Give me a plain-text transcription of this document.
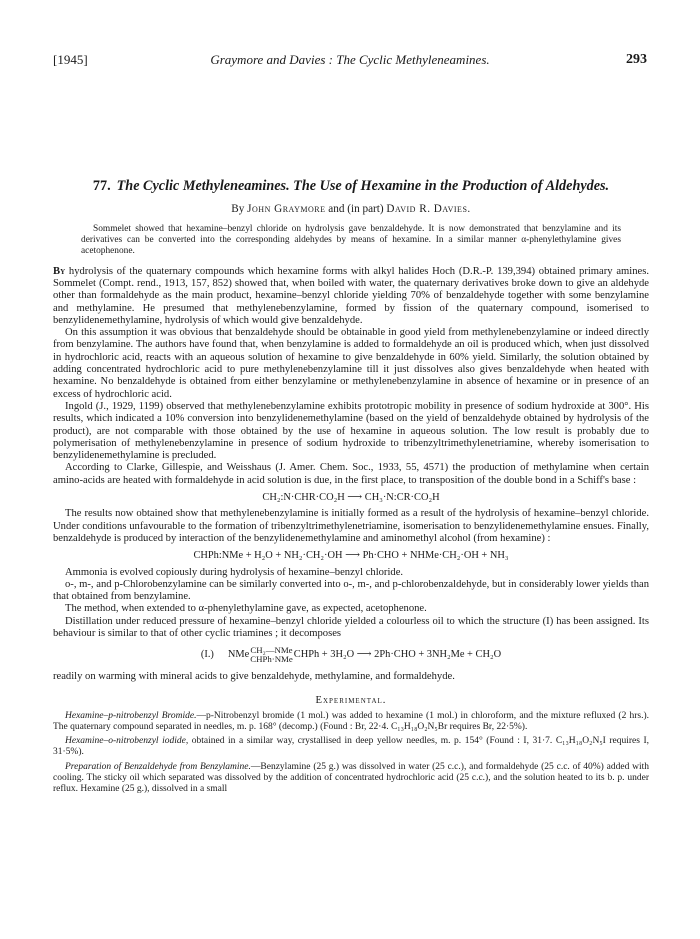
[1945]	Graymore and Davies : The Cyclic Methyleneamines.	293
77. The Cyclic Methyleneamines. The Use of Hexamine in the Production of Aldehydes.
By John Graymore and (in part) David R. Davies.
Sommelet showed that hexamine–benzyl chloride on hydrolysis gave benzaldehyde. It is now demonstrated that benzylamine and its derivatives can be converted into the corresponding aldehydes by means of hexamine. In a similar manner α-phenylethylamine gives acetophenone.
By hydrolysis of the quaternary compounds which hexamine forms with alkyl halides Hoch (D.R.-P. 139,394) obtained primary amines. Sommelet (Compt. rend., 1913, 157, 852) showed that, when boiled with water, the quaternary derivatives broke down to give an aldehyde other than formaldehyde as the main product, hexamine–benzyl chloride yielding 70% of benzaldehyde together with some benzylamine and methylamine. He presumed that methylenebenzylamine, formed by fission of the quaternary compound, isomerised to benzylidenemethylamine, hydrolysis of which would give benzaldehyde.
On this assumption it was obvious that benzaldehyde should be obtainable in good yield from methylenebenzylamine or indeed directly from benzylamine. The authors have found that, when benzylamine is added to formaldehyde an oil is produced which, when just dissolved in hydrochloric acid, reacts with an aqueous solution of hexamine to give benzaldehyde in 60% yield. Similarly, the solution obtained by adding concentrated hydrochloric acid to pure methylenebenzylamine till it just dissolves also gives benzaldehyde when heated with hexamine. No benzaldehyde is obtained from either benzylamine or methylenebenzylamine in absence of hexamine or in presence of an excess of hydrochloric acid.
Ingold (J., 1929, 1199) observed that methylenebenzylamine exhibits prototropic mobility in presence of sodium hydroxide at 300°. His results, which indicated a 10% conversion into benzylidenemethylamine (based on the yield of benzaldehyde obtained by hydrolysis of the product), are not comparable with those obtained by the use of hexamine in aqueous solution. The low result is probably due to polymerisation of methylenebenzylamine in presence of sodium hydroxide to tribenzyltrimethylenetriamine, whereby isomerisation to benzylidenemethylamine is precluded.
According to Clarke, Gillespie, and Weisshaus (J. Amer. Chem. Soc., 1933, 55, 4571) the production of methylamine when certain amino-acids are heated with formaldehyde in acid solution is due, in the first place, to transposition of the double bond in a Schiff's base :
CH₂:N·CHR·CO₂H ⟶ CH₃·N:CR·CO₂H
The results now obtained show that methylenebenzylamine is initially formed as a result of the hydrolysis of hexamine–benzyl chloride. Under conditions unfavourable to the formation of tribenzyltrimethylenetriamine, isomerisation to benzylidenemethylamine ensues. Finally, benzaldehyde is produced by interaction of the benzylidenemethylamine and aminomethyl alcohol (from hexamine) :
CHPh:NMe + H₂O + NH₂·CH₂·OH ⟶ Ph·CHO + NHMe·CH₂·OH + NH₃
Ammonia is evolved copiously during hydrolysis of hexamine–benzyl chloride.
o-, m-, and p-Chlorobenzylamine can be similarly converted into o-, m-, and p-chlorobenzaldehyde, but in considerably lower yields than that obtained from benzylamine.
The method, when extended to α-phenylethylamine gave, as expected, acetophenone.
Distillation under reduced pressure of hexamine–benzyl chloride yielded a colourless oil to which the structure (I) has been assigned. Its behaviour is similar to that of other cyclic triamines ; it decomposes
(I.) NMe CH₂—NMe
CHPh·NMe CHPh + 3H₂O ⟶ 2Ph·CHO + 3NH₂Me + CH₂O
readily on warming with mineral acids to give benzaldehyde, methylamine, and formaldehyde.
Experimental.
Hexamine–p-nitrobenzyl Bromide.—p-Nitrobenzyl bromide (1 mol.) was added to hexamine (1 mol.) in chloroform, and the mixture refluxed (2 hrs.). The quaternary compound separated in needles, m. p. 168° (decomp.) (Found : Br, 22·4. C₁₃H₁₈O₂N₅Br requires Br, 22·5%).
Hexamine–o-nitrobenzyl iodide, obtained in a similar way, crystallised in deep yellow needles, m. p. 154° (Found : I, 31·7. C₁₃H₁₈O₂N₅I requires I, 31·5%).
Preparation of Benzaldehyde from Benzylamine.—Benzylamine (25 g.) was dissolved in water (25 c.c.), and formaldehyde (25 c.c. of 40%) added with cooling. The sticky oil which separated was dissolved by the addition of concentrated hydrochloric acid (25 c.c.), and the solution heated to its b. p. under reflux. Hexamine (25 g.), dissolved in a small
